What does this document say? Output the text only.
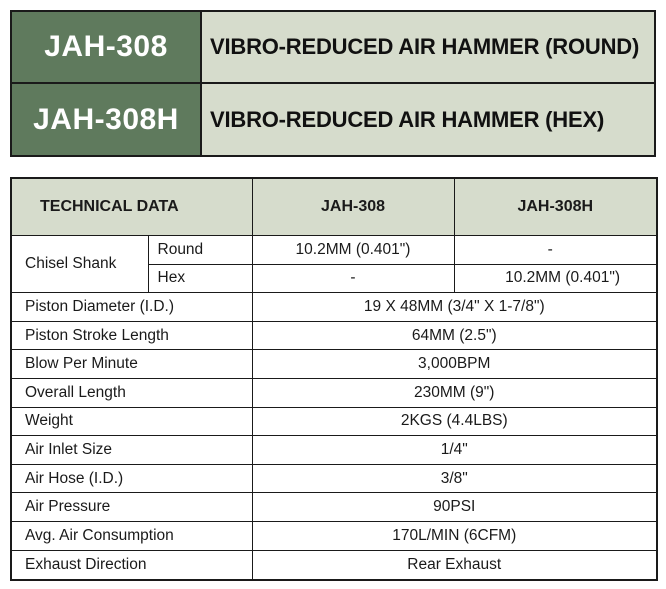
JAH-308	VIBRO-REDUCED AIR HAMMER (ROUND)
JAH-308H	VIBRO-REDUCED AIR HAMMER (HEX)
TECHNICAL DATA		JAH-308	JAH-308H
Chisel Shank	Round	10.2MM (0.401")	-
	Hex	-	10.2MM (0.401")
Piston Diameter (I.D.)		19 X 48MM (3/4" X 1-7/8")	
Piston Stroke Length		64MM (2.5")	
Blow Per Minute		3,000BPM	
Overall Length		230MM (9")	
Weight		2KGS (4.4LBS)	
Air Inlet Size		1/4"	
Air Hose (I.D.)		3/8"	
Air Pressure		90PSI	
Avg. Air Consumption		170L/MIN (6CFM)	
Exhaust Direction		Rear Exhaust	
